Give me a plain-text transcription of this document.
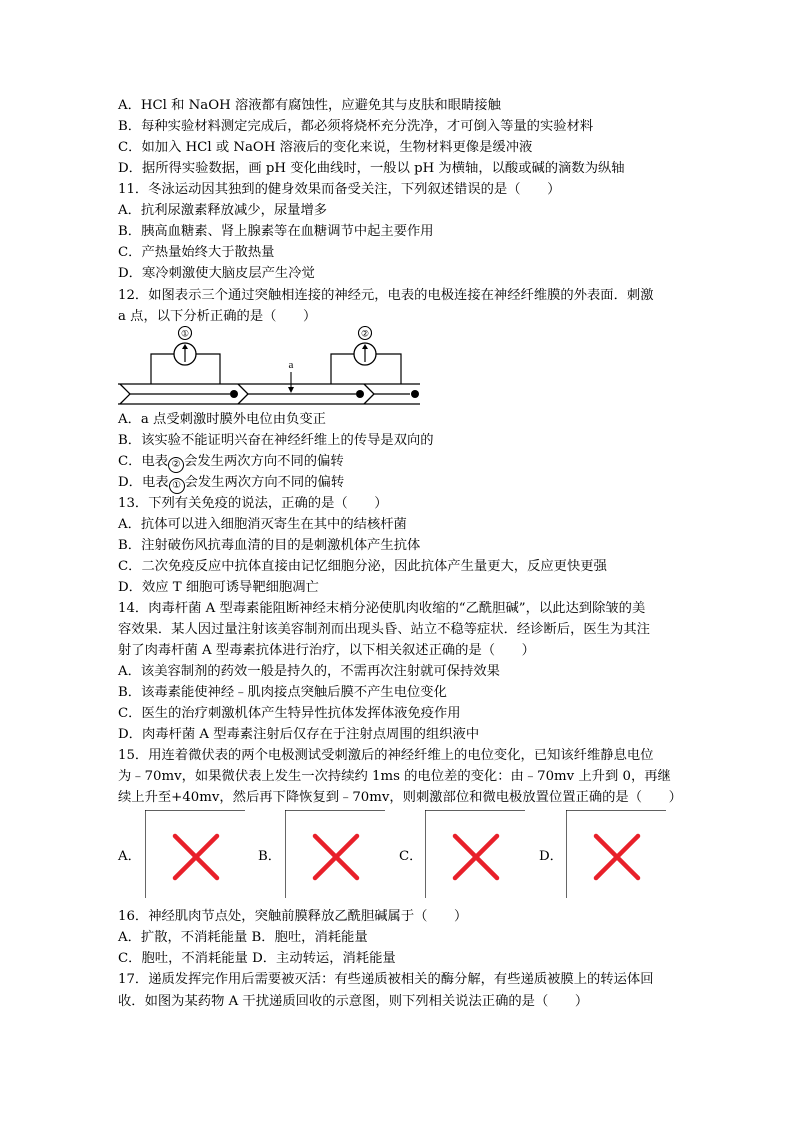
A．HCl 和 NaOH 溶液都有腐蚀性，应避免其与皮肤和眼睛接触
B．每种实验材料测定完成后，都必须将烧杯充分洗净，才可倒入等量的实验材料
C．如加入 HCl 或 NaOH 溶液后的变化来说，生物材料更像是缓冲液
D．据所得实验数据，画 pH 变化曲线时，一般以 pH 为横轴，以酸或碱的滴数为纵轴
11．冬泳运动因其独到的健身效果而备受关注，下列叙述错误的是（　　）
A．抗利尿激素释放减少，尿量增多
B．胰高血糖素、肾上腺素等在血糖调节中起主要作用
C．产热量始终大于散热量
D．寒冷刺激使大脑皮层产生冷觉
12．如图表示三个通过突触相连接的神经元，电表的电极连接在神经纤维膜的外表面．刺激
a 点，以下分析正确的是（　　）
①
a
②
A．a 点受刺激时膜外电位由负变正
B．该实验不能证明兴奋在神经纤维上的传导是双向的
C．电表 ② 会发生两次方向不同的偏转
D．电表 ① 会发生两次方向不同的偏转
13．下列有关免疫的说法，正确的是（　　）
A．抗体可以进入细胞消灭寄生在其中的结核杆菌
B．注射破伤风抗毒血清的目的是刺激机体产生抗体
C．二次免疫反应中抗体直接由记忆细胞分泌，因此抗体产生量更大，反应更快更强
D．效应 T 细胞可诱导靶细胞凋亡
14．肉毒杆菌 A 型毒素能阻断神经末梢分泌使肌肉收缩的“乙酰胆碱”，以此达到除皱的美
容效果．某人因过量注射该美容制剂而出现头昏、站立不稳等症状．经诊断后，医生为其注
射了肉毒杆菌 A 型毒素抗体进行治疗，以下相关叙述正确的是（　　）
A．该美容制剂的药效一般是持久的，不需再次注射就可保持效果
B．该毒素能使神经﹣肌肉接点突触后膜不产生电位变化
C．医生的治疗刺激机体产生特异性抗体发挥体液免疫作用
D．肉毒杆菌 A 型毒素注射后仅存在于注射点周围的组织液中
15．用连着微伏表的两个电极测试受刺激后的神经纤维上的电位变化，已知该纤维静息电位
为﹣70mv，如果微伏表上发生一次持续约 1ms 的电位差的变化：由﹣70mv 上升到 0，再继
续上升至+40mv，然后再下降恢复到﹣70mv，则刺激部位和微电极放置位置正确的是（　　）
A．	B．	C．	D．
16．神经肌肉节点处，突触前膜释放乙酰胆碱属于（　　）
A．扩散，不消耗能量 B．胞吐，消耗能量
C．胞吐，不消耗能量 D．主动转运，消耗能量
17．递质发挥完作用后需要被灭活：有些递质被相关的酶分解，有些递质被膜上的转运体回
收．如图为某药物 A 干扰递质回收的示意图，则下列相关说法正确的是（　　）
